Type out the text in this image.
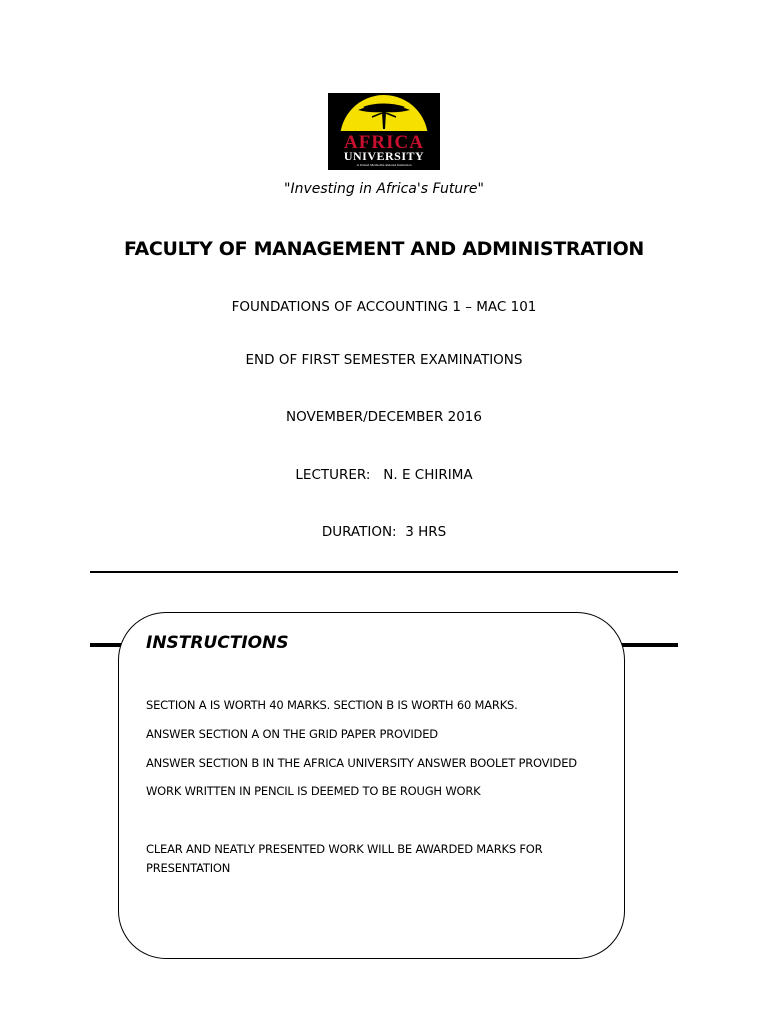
AFRICA
UNIVERSITY
A United Methodist-Related Institution
"Investing in Africa's Future"
FACULTY OF MANAGEMENT AND ADMINISTRATION
FOUNDATIONS OF ACCOUNTING 1 – MAC 101
END OF FIRST SEMESTER EXAMINATIONS
NOVEMBER/DECEMBER 2016
LECTURER:   N. E CHIRIMA
DURATION:  3 HRS
INSTRUCTIONS
SECTION A IS WORTH 40 MARKS. SECTION B IS WORTH 60 MARKS.
ANSWER SECTION A ON THE GRID PAPER PROVIDED
ANSWER SECTION B IN THE AFRICA UNIVERSITY ANSWER BOOLET PROVIDED
WORK WRITTEN IN PENCIL IS DEEMED TO BE ROUGH WORK
CLEAR AND NEATLY PRESENTED WORK WILL BE AWARDED MARKS FOR PRESENTATION
